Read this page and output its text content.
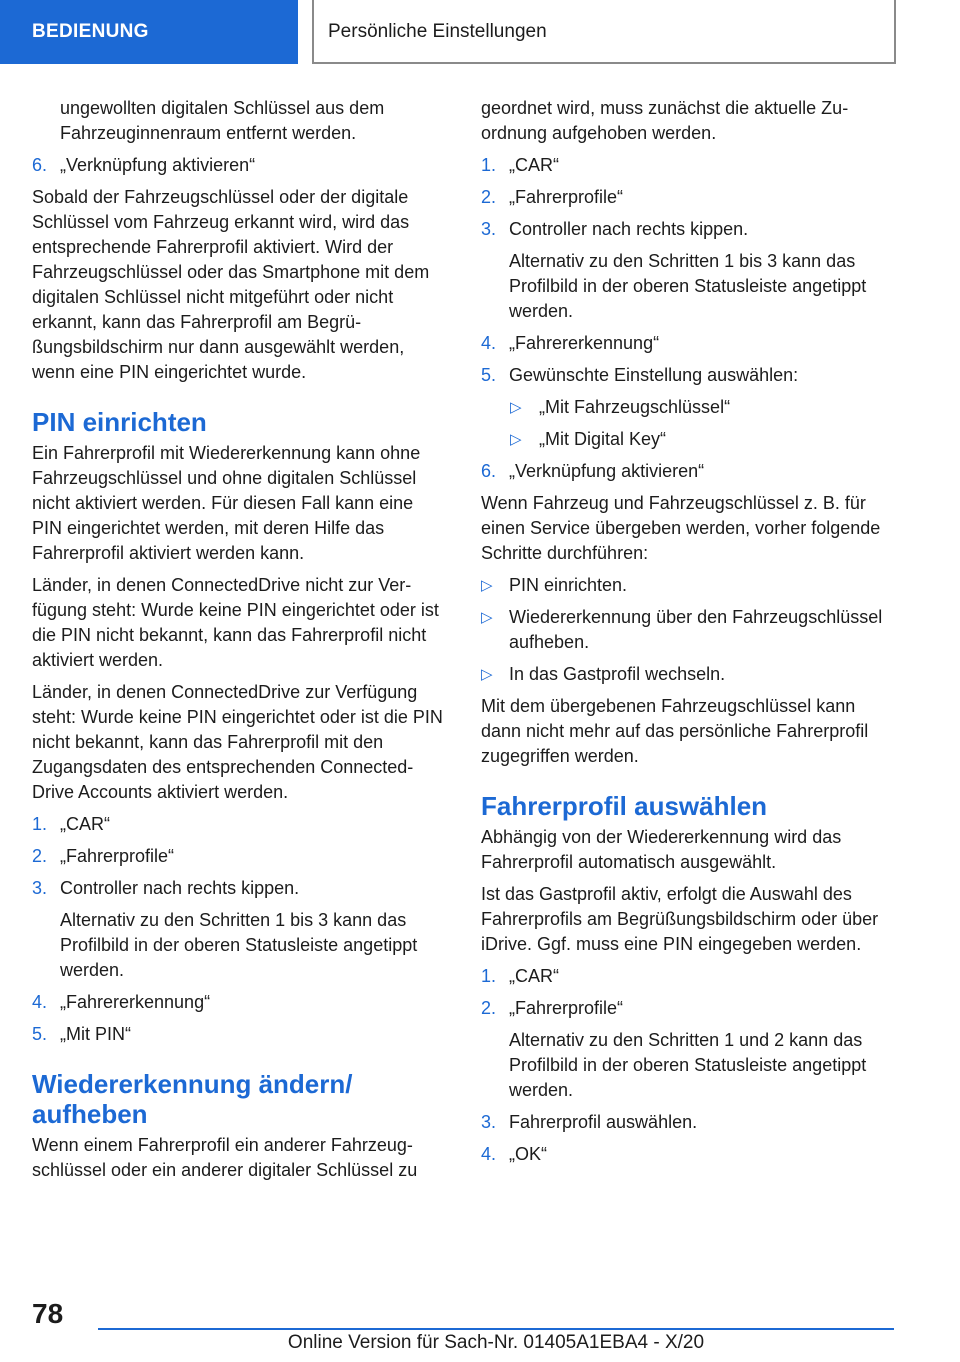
BEDIENUNG	Persönliche Einstellungen

ungewollten digitalen Schlüssel aus dem Fahrzeuginnenraum entfernt werden.

6. „Verknüpfung aktivieren“

Sobald der Fahrzeugschlüssel oder der digitale Schlüssel vom Fahrzeug erkannt wird, wird das entsprechende Fahrerprofil aktiviert. Wird der Fahrzeugschlüssel oder das Smartphone mit dem digitalen Schlüssel nicht mitgeführt oder nicht erkannt, kann das Fahrerprofil am Begrüßungsbildschirm nur dann ausgewählt werden, wenn eine PIN eingerichtet wurde.

PIN einrichten

Ein Fahrerprofil mit Wiedererkennung kann ohne Fahrzeugschlüssel und ohne digitalen Schlüssel nicht aktiviert werden. Für diesen Fall kann eine PIN eingerichtet werden, mit deren Hilfe das Fahrerprofil aktiviert werden kann.

Länder, in denen ConnectedDrive nicht zur Verfügung steht: Wurde keine PIN eingerichtet oder ist die PIN nicht bekannt, kann das Fahrerprofil nicht aktiviert werden.

Länder, in denen ConnectedDrive zur Verfügung steht: Wurde keine PIN eingerichtet oder ist die PIN nicht bekannt, kann das Fahrerprofil mit den Zugangsdaten des entsprechenden ConnectedDrive Accounts aktiviert werden.

1. „CAR“
2. „Fahrerprofile“
3. Controller nach rechts kippen.

Alternativ zu den Schritten 1 bis 3 kann das Profilbild in der oberen Statusleiste angetippt werden.

4. „Fahrererkennung“
5. „Mit PIN“
Wiedererkennung ändern/ aufheben

Wenn einem Fahrerprofil ein anderer Fahrzeugschlüssel oder ein anderer digitaler Schlüssel zu

geordnet wird, muss zunächst die aktuelle Zuordnung aufgehoben werden.

1. „CAR“
2. „Fahrerprofile“
3. Controller nach rechts kippen.

Alternativ zu den Schritten 1 bis 3 kann das Profilbild in der oberen Statusleiste angetippt werden.

4. „Fahrererkennung“
5. Gewünschte Einstellung auswählen:
▷ „Mit Fahrzeugschlüssel“
▷ „Mit Digital Key“
6. „Verknüpfung aktivieren“

Wenn Fahrzeug und Fahrzeugschlüssel z. B. für einen Service übergeben werden, vorher folgende Schritte durchführen:

▷ PIN einrichten.
▷ Wiedererkennung über den Fahrzeugschlüssel aufheben.
▷ In das Gastprofil wechseln.

Mit dem übergebenen Fahrzeugschlüssel kann dann nicht mehr auf das persönliche Fahrerprofil zugegriffen werden.

Fahrerprofil auswählen

Abhängig von der Wiedererkennung wird das Fahrerprofil automatisch ausgewählt.

Ist das Gastprofil aktiv, erfolgt die Auswahl des Fahrerprofils am Begrüßungsbildschirm oder über iDrive. Ggf. muss eine PIN eingegeben werden.

1. „CAR“
2. „Fahrerprofile“

Alternativ zu den Schritten 1 und 2 kann das Profilbild in der oberen Statusleiste angetippt werden.

3. Fahrerprofil auswählen.
4. „OK“
78
Online Version für Sach-Nr. 01405A1EBA4 - X/20
